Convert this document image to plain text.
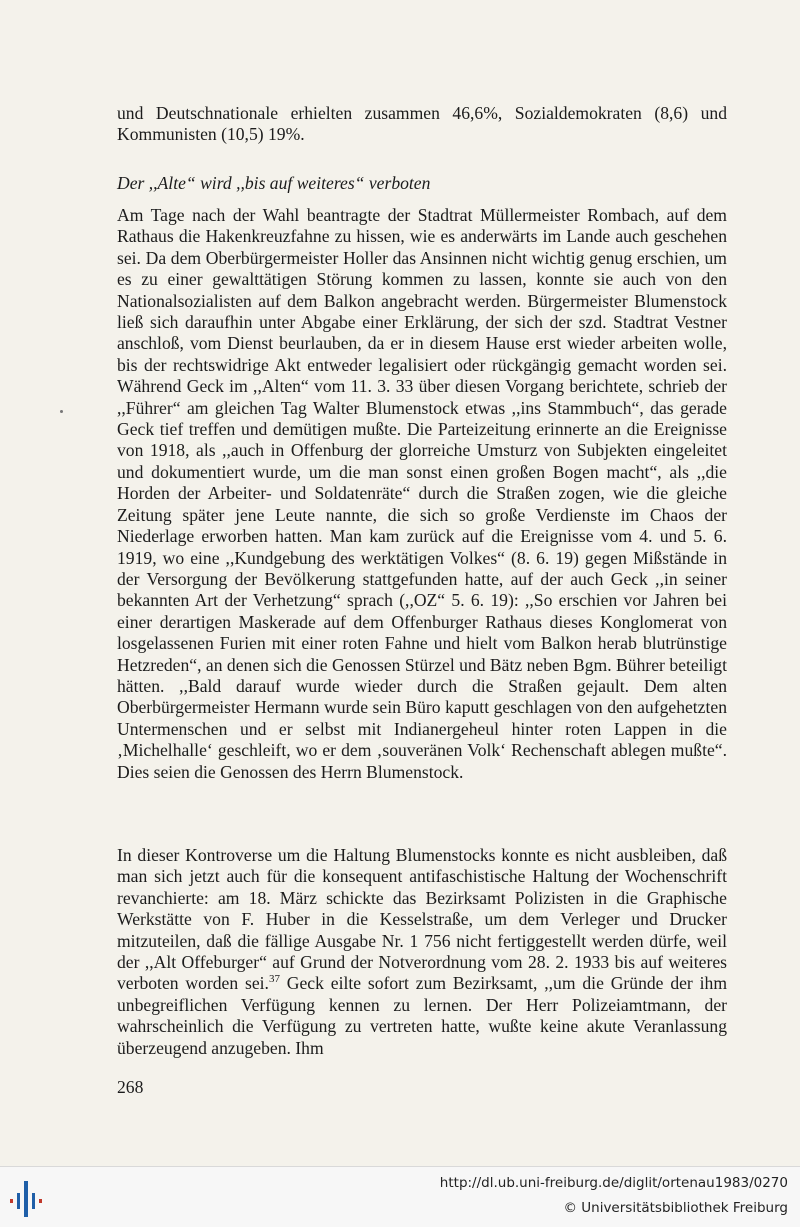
und Deutschnationale erhielten zusammen 46,6%, Sozialdemokraten (8,6) und Kommunisten (10,5) 19%.

Der ,,Alte“ wird ,,bis auf weiteres“ verboten

Am Tage nach der Wahl beantragte der Stadtrat Müllermeister Rombach, auf dem Rathaus die Hakenkreuzfahne zu hissen, wie es anderwärts im Lande auch geschehen sei. Da dem Oberbürgermeister Holler das Ansinnen nicht wichtig genug erschien, um es zu einer gewalttätigen Störung kommen zu lassen, konnte sie auch von den Nationalsozialisten auf dem Balkon angebracht werden. Bürgermeister Blumenstock ließ sich daraufhin unter Abgabe einer Erklärung, der sich der szd. Stadtrat Vestner anschloß, vom Dienst beurlauben, da er in diesem Hause erst wieder arbeiten wolle, bis der rechtswidrige Akt entweder legalisiert oder rückgängig gemacht worden sei. Während Geck im ,,Alten“ vom 11. 3. 33 über diesen Vorgang berichtete, schrieb der ,,Führer“ am gleichen Tag Walter Blumenstock etwas ,,ins Stammbuch“, das gerade Geck tief treffen und demütigen mußte. Die Parteizeitung erinnerte an die Ereignisse von 1918, als ,,auch in Offenburg der glorreiche Umsturz von Subjekten eingeleitet und dokumentiert wurde, um die man sonst einen großen Bogen macht“, als ,,die Horden der Arbeiter- und Soldatenräte“ durch die Straßen zogen, wie die gleiche Zeitung später jene Leute nannte, die sich so große Verdienste im Chaos der Niederlage erworben hatten. Man kam zurück auf die Ereignisse vom 4. und 5. 6. 1919, wo eine ,,Kundgebung des werktätigen Volkes“ (8. 6. 19) gegen Mißstände in der Versorgung der Bevölkerung stattgefunden hatte, auf der auch Geck ,,in seiner bekannten Art der Verhetzung“ sprach (,,OZ“ 5. 6. 19): ,,So erschien vor Jahren bei einer derartigen Maskerade auf dem Offenburger Rathaus dieses Konglomerat von losgelassenen Furien mit einer roten Fahne und hielt vom Balkon herab blutrünstige Hetzreden“, an denen sich die Genossen Stürzel und Bätz neben Bgm. Bührer beteiligt hätten. ,,Bald darauf wurde wieder durch die Straßen gejault. Dem alten Oberbürgermeister Hermann wurde sein Büro kaputt geschlagen von den aufgehetzten Untermenschen und er selbst mit Indianergeheul hinter roten Lappen in die ‚Michelhalle‘ geschleift, wo er dem ‚souveränen Volk‘ Rechenschaft ablegen mußte“. Dies seien die Genossen des Herrn Blumenstock.

In dieser Kontroverse um die Haltung Blumenstocks konnte es nicht ausbleiben, daß man sich jetzt auch für die konsequent antifaschistische Haltung der Wochenschrift revanchierte: am 18. März schickte das Bezirksamt Polizisten in die Graphische Werkstätte von F. Huber in die Kesselstraße, um dem Verleger und Drucker mitzuteilen, daß die fällige Ausgabe Nr. 1 756 nicht fertiggestellt werden dürfe, weil der ,,Alt Offeburger“ auf Grund der Notverordnung vom 28. 2. 1933 bis auf weiteres verboten worden sei.$^{37}$ Geck eilte sofort zum Bezirksamt, ,,um die Gründe der ihm unbegreiflichen Verfügung kennen zu lernen. Der Herr Polizeiamtmann, der wahrscheinlich die Verfügung zu vertreten hatte, wußte keine akute Veranlassung überzeugend anzugeben. Ihm

268
http://dl.ub.uni-freiburg.de/diglit/ortenau1983/0270
© Universitätsbibliothek Freiburg
